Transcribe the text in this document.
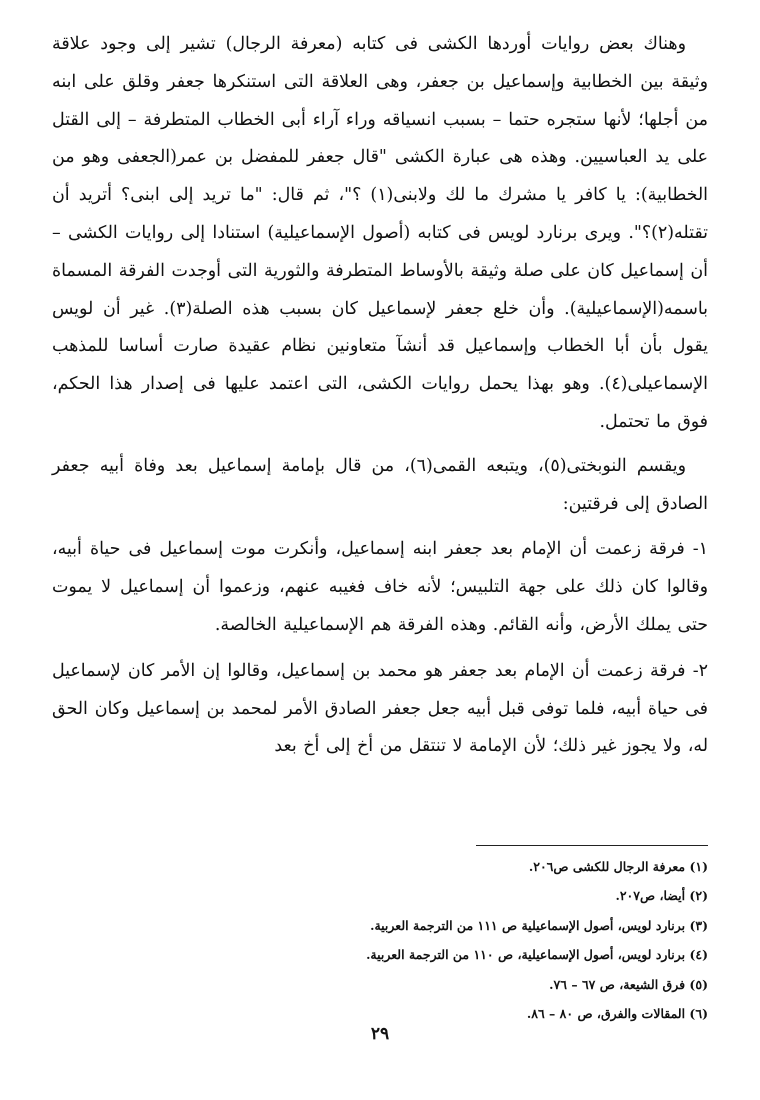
وهناك بعض روايات أوردها الكشى فى كتابه (معرفة الرجال) تشير إلى وجود علاقة وثيقة بين الخطابية وإسماعيل بن جعفر، وهى العلاقة التى استنكرها جعفر وقلق على ابنه من أجلها؛ لأنها ستجره حتما – بسبب انسياقه وراء آراء أبى الخطاب المتطرفة – إلى القتل على يد العباسيين. وهذه هى عبارة الكشى "قال جعفر للمفضل بن عمر(الجعفى وهو من الخطابية): يا كافر يا مشرك ما لك ولابنى(١) ؟"، ثم قال: "ما تريد إلى ابنى؟ أتريد أن تقتله(٢)؟". ويرى برنارد لويس فى كتابه (أصول الإسماعيلية) استنادا إلى روايات الكشى – أن إسماعيل كان على صلة وثيقة بالأوساط المتطرفة والثورية التى أوجدت الفرقة المسماة باسمه(الإسماعيلية). وأن خلع جعفر لإسماعيل كان بسبب هذه الصلة(٣). غير أن لويس يقول بأن أبا الخطاب وإسماعيل قد أنشآ متعاونين نظام عقيدة صارت أساسا للمذهب الإسماعيلى(٤). وهو بهذا يحمل روايات الكشى، التى اعتمد عليها فى إصدار هذا الحكم، فوق ما تحتمل.

ويقسم النوبختى(٥)، ويتبعه القمى(٦)، من قال بإمامة إسماعيل بعد وفاة أبيه جعفر الصادق إلى فرقتين:

١- فرقة زعمت أن الإمام بعد جعفر ابنه إسماعيل، وأنكرت موت إسماعيل فى حياة أبيه، وقالوا كان ذلك على جهة التلبيس؛ لأنه خاف فغيبه عنهم، وزعموا أن إسماعيل لا يموت حتى يملك الأرض، وأنه القائم. وهذه الفرقة هم الإسماعيلية الخالصة.

٢- فرقة زعمت أن الإمام بعد جعفر هو محمد بن إسماعيل، وقالوا إن الأمر كان لإسماعيل فى حياة أبيه، فلما توفى قبل أبيه جعل جعفر الصادق الأمر لمحمد بن إسماعيل وكان الحق له، ولا يجوز غير ذلك؛ لأن الإمامة لا تنتقل من أخ إلى أخ بعد

(١) معرفة الرجال للكشى ص٢٠٦.

(٢) أيضا، ص٢٠٧.

(٣) برنارد لويس، أصول الإسماعيلية ص ١١١ من الترجمة العربية.

(٤) برنارد لويس، أصول الإسماعيلية، ص ١١٠ من الترجمة العربية.

(٥) فرق الشيعة، ص ٦٧ – ٧٦.

(٦) المقالات والفرق، ص ٨٠ – ٨٦.

٢٩
